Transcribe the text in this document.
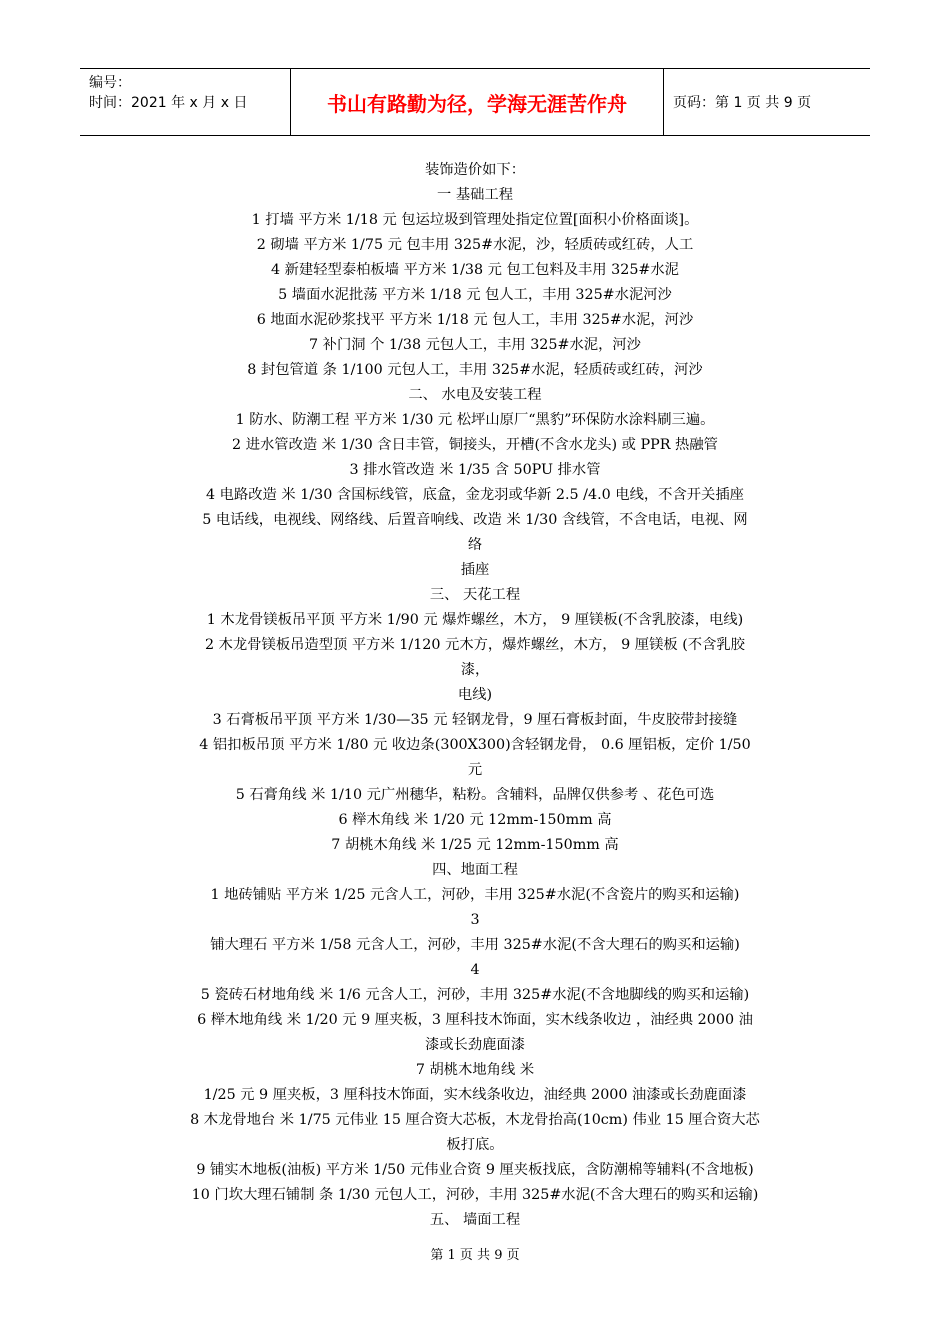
编号：
时间：2021 年 x 月 x 日	书山有路勤为径，学海无涯苦作舟	页码：第 1 页 共 9 页
装饰造价如下：
一 基础工程
1 打墙 平方米 1/18 元 包运垃圾到管理处指定位置[面积小价格面谈]。
2 砌墙 平方米 1/75 元 包丰用 325#水泥，沙，轻质砖或红砖，人工
4 新建轻型泰柏板墙 平方米 1/38 元 包工包料及丰用 325#水泥
5 墙面水泥批荡 平方米 1/18 元 包人工，丰用 325#水泥河沙
6 地面水泥砂浆找平 平方米 1/18 元 包人工，丰用 325#水泥，河沙
7 补门洞 个 1/38 元包人工，丰用 325#水泥，河沙
8 封包管道 条 1/100 元包人工，丰用 325#水泥，轻质砖或红砖，河沙
二、 水电及安装工程
1 防水、防潮工程 平方米 1/30 元 松坪山原厂“黑豹”环保防水涂料刷三遍。
2 进水管改造 米 1/30 含日丰管，铜接头，开槽(不含水龙头) 或 PPR 热融管
3 排水管改造 米 1/35 含 50PU 排水管
4 电路改造 米 1/30 含国标线管，底盒，金龙羽或华新 2.5 /4.0 电线，不含开关插座
5 电话线，电视线、网络线、后置音响线、改造 米 1/30 含线管，不含电话，电视、网
络
插座
三、 天花工程
1 木龙骨镁板吊平顶 平方米 1/90 元 爆炸螺丝，木方， 9 厘镁板(不含乳胶漆，电线)
2 木龙骨镁板吊造型顶 平方米 1/120 元木方，爆炸螺丝，木方， 9 厘镁板 (不含乳胶
漆，
电线)
3 石膏板吊平顶 平方米 1/30—35 元 轻钢龙骨，9 厘石膏板封面，牛皮胶带封接缝
4 铝扣板吊顶 平方米 1/80 元 收边条(300X300)含轻钢龙骨， 0.6 厘铝板，定价 1/50
元
5 石膏角线 米 1/10 元广州穗华，粘粉。含辅料，品牌仅供参考 、花色可选
6 榉木角线 米 1/20 元 12mm-150mm 高
7 胡桃木角线 米 1/25 元 12mm-150mm 高
四、地面工程
1 地砖铺贴 平方米 1/25 元含人工，河砂，丰用 325#水泥(不含瓷片的购买和运输)
3
铺大理石 平方米 1/58 元含人工，河砂，丰用 325#水泥(不含大理石的购买和运输)
4
5 瓷砖石材地角线 米 1/6 元含人工，河砂，丰用 325#水泥(不含地脚线的购买和运输)
6 榉木地角线 米 1/20 元 9 厘夹板，3 厘科技木饰面，实木线条收边 ，油经典 2000 油
漆或长劲鹿面漆
7 胡桃木地角线 米
1/25 元 9 厘夹板，3 厘科技木饰面，实木线条收边，油经典 2000 油漆或长劲鹿面漆
8 木龙骨地台 米 1/75 元伟业 15 厘合资大芯板，木龙骨抬高(10cm) 伟业 15 厘合资大芯
板打底。
9 铺实木地板(油板) 平方米 1/50 元伟业合资 9 厘夹板找底，含防潮棉等辅料(不含地板)
10 门坎大理石铺制 条 1/30 元包人工，河砂，丰用 325#水泥(不含大理石的购买和运输)
五、 墙面工程
第 1 页 共 9 页
